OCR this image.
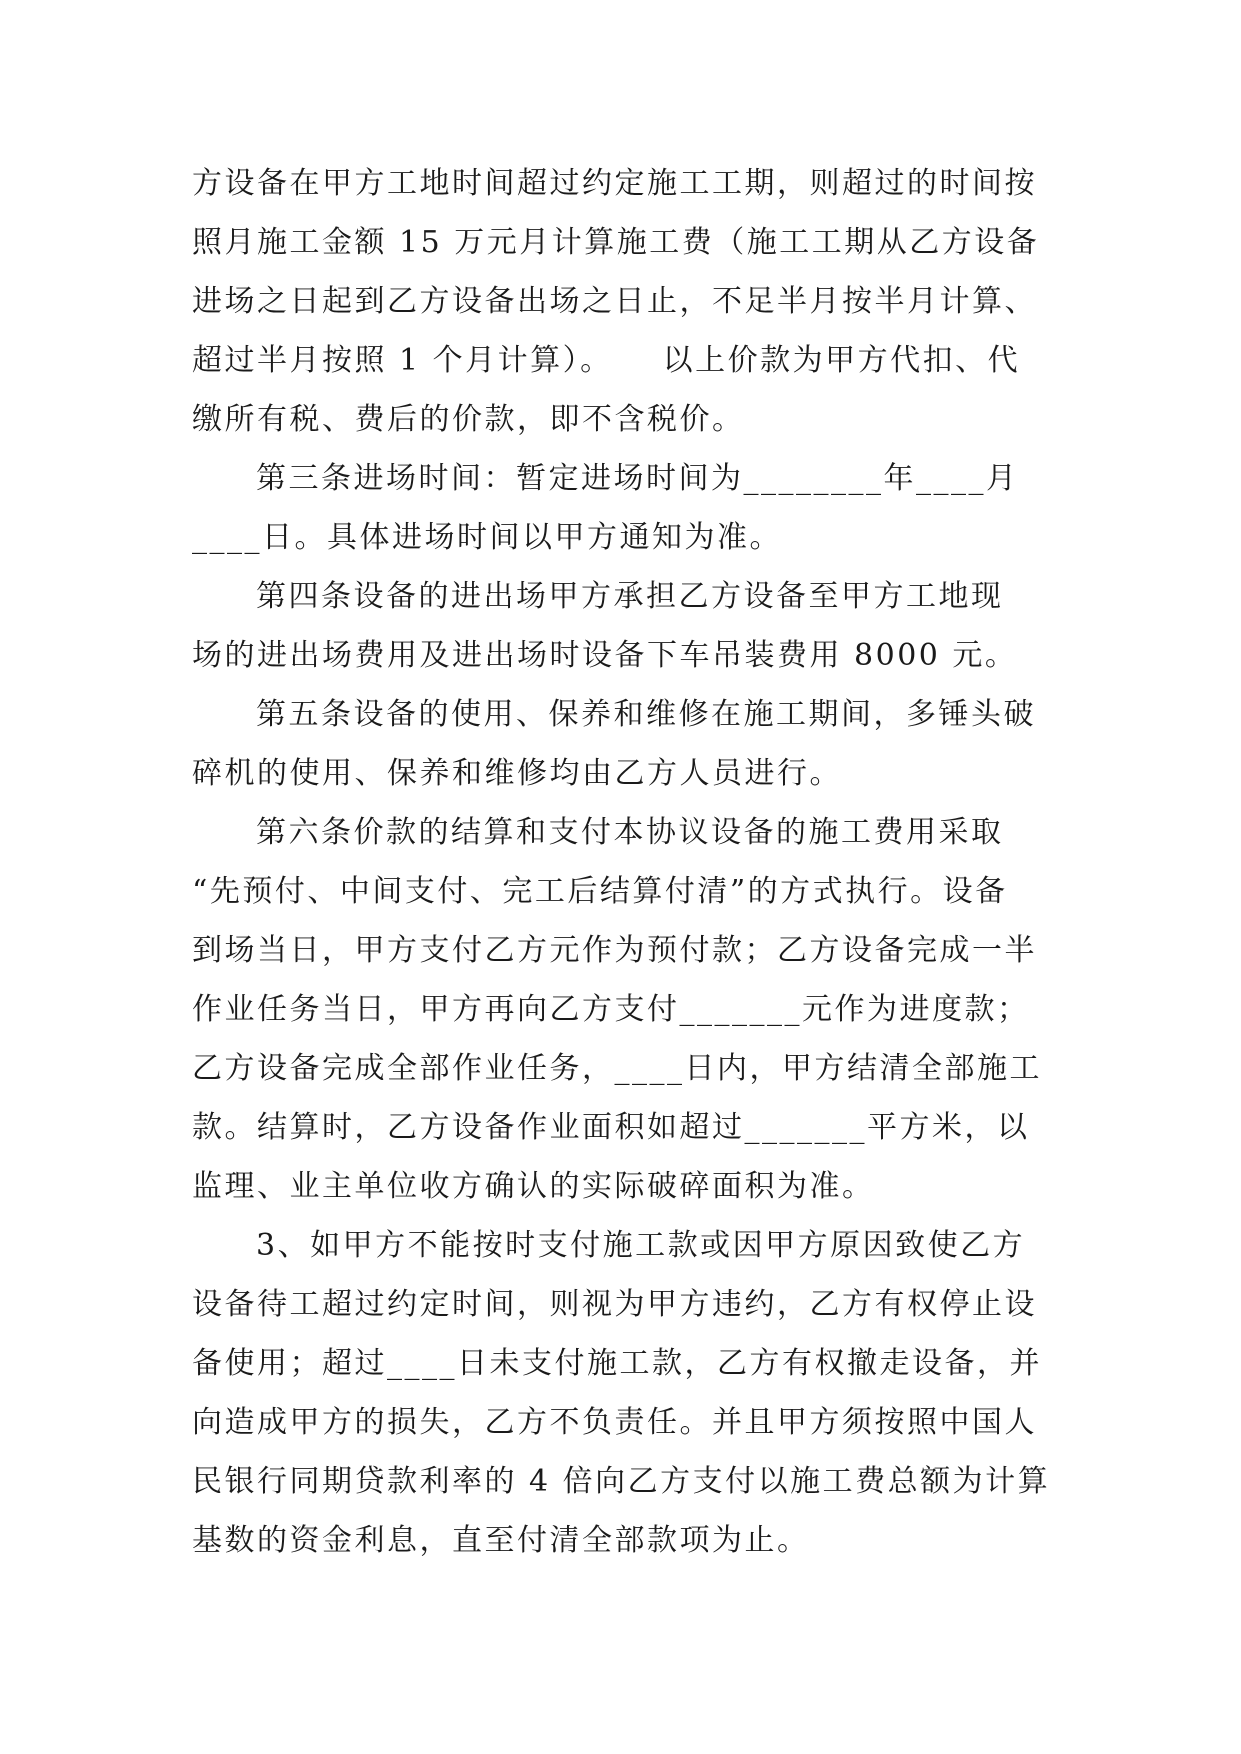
方设备在甲方工地时间超过约定施工工期，则超过的时间按
照月施工金额 15 万元月计算施工费（施工工期从乙方设备
进场之日起到乙方设备出场之日止，不足半月按半月计算、
超过半月按照 1 个月计算）。　　以上价款为甲方代扣、代
缴所有税、费后的价款，即不含税价。
第三条进场时间：暂定进场时间为________年____月
____日。具体进场时间以甲方通知为准。
第四条设备的进出场甲方承担乙方设备至甲方工地现
场的进出场费用及进出场时设备下车吊装费用 8000 元。
第五条设备的使用、保养和维修在施工期间，多锤头破
碎机的使用、保养和维修均由乙方人员进行。
第六条价款的结算和支付本协议设备的施工费用采取
“先预付、中间支付、完工后结算付清”的方式执行。设备
到场当日，甲方支付乙方元作为预付款；乙方设备完成一半
作业任务当日，甲方再向乙方支付_______元作为进度款；
乙方设备完成全部作业任务，____日内，甲方结清全部施工
款。结算时，乙方设备作业面积如超过_______平方米，以
监理、业主单位收方确认的实际破碎面积为准。
3、如甲方不能按时支付施工款或因甲方原因致使乙方
设备待工超过约定时间，则视为甲方违约，乙方有权停止设
备使用；超过____日未支付施工款，乙方有权撤走设备，并
向造成甲方的损失，乙方不负责任。并且甲方须按照中国人
民银行同期贷款利率的 4 倍向乙方支付以施工费总额为计算
基数的资金利息，直至付清全部款项为止。
